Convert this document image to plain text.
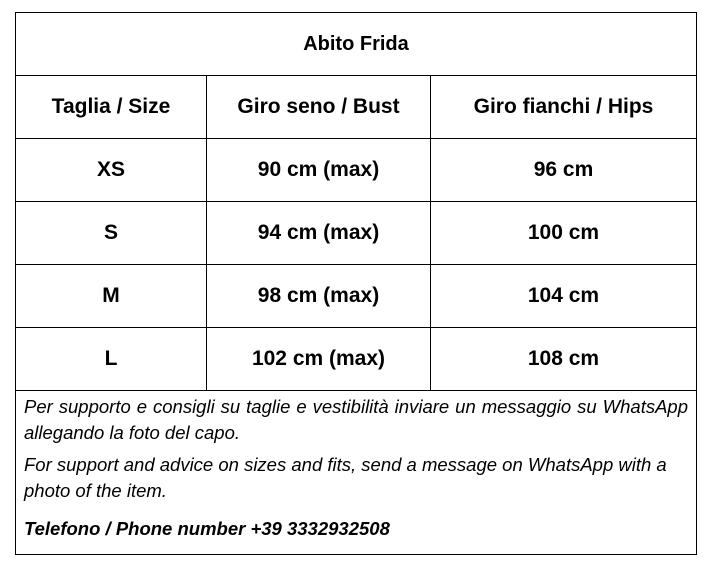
Abito Frida		
Taglia / Size	Giro seno / Bust	Giro fianchi / Hips
XS	90 cm (max)	96 cm
S	94 cm (max)	100 cm
M	98 cm (max)	104 cm
L	102 cm (max)	108 cm

Per supporto e consigli su taglie e vestibilità inviare un messaggio su WhatsApp allegando la foto del capo.

For support and advice on sizes and fits, send a message on WhatsApp with a photo of the item.

Telefono / Phone number +39 3332932508		
